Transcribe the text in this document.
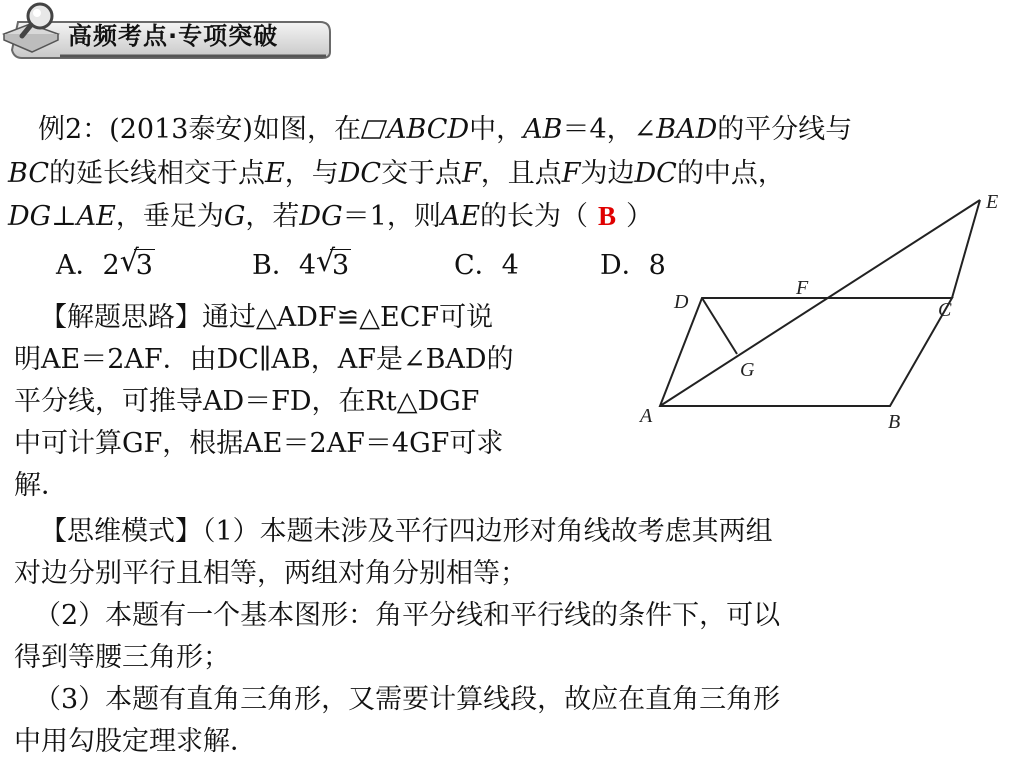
高频考点·专项突破
例2：(2013泰安)如图，在 ABCD中，AB＝4，∠BAD的平分线与
BC的延长线相交于点E，与DC交于点F，且点F为边DC的中点，
DG⊥AE，垂足为G，若DG＝1，则AE的长为（ B ）
A．2 √
3	B．4 √
3	C．4	D．8
【解题思路】通过△ADF≌△ECF可说
明AE＝2AF．由DC∥AB，AF是∠BAD的
平分线，可推导AD＝FD，在Rt△DGF
中可计算GF，根据AE＝2AF＝4GF可求
解．
A	B
C
D
E
F
G
【思维模式】（1）本题未涉及平行四边形对角线故考虑其两组
对边分别平行且相等，两组对角分别相等；
（2）本题有一个基本图形：角平分线和平行线的条件下，可以
得到等腰三角形；
（3）本题有直角三角形，又需要计算线段，故应在直角三角形
中用勾股定理求解．
